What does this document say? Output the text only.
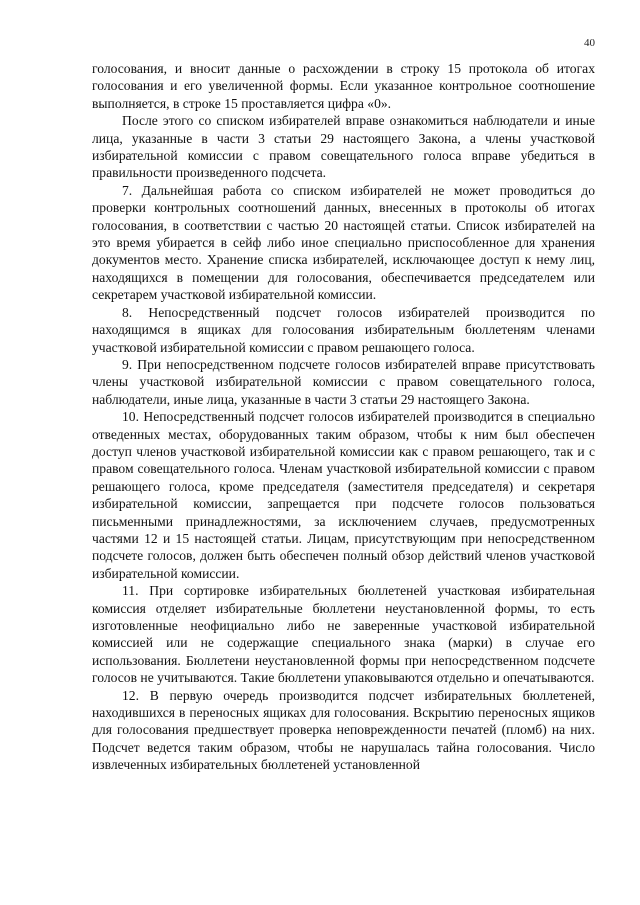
40

голосования, и вносит данные о расхождении в строку 15 протокола об итогах голосования и его увеличенной формы. Если указанное контрольное соотношение выполняется, в строке 15 проставляется цифра «0».

После этого со списком избирателей вправе ознакомиться наблюдатели и иные лица, указанные в части 3 статьи 29 настоящего Закона, а члены участковой избирательной комиссии с правом совещательного голоса вправе убедиться в правильности произведенного подсчета.

7. Дальнейшая работа со списком избирателей не может проводиться до проверки контрольных соотношений данных, внесенных в протоколы об итогах голосования, в соответствии с частью 20 настоящей статьи. Список избирателей на это время убирается в сейф либо иное специально приспособленное для хранения документов место. Хранение списка избирателей, исключающее доступ к нему лиц, находящихся в помещении для голосования, обеспечивается председателем или секретарем участковой избирательной комиссии.

8. Непосредственный подсчет голосов избирателей производится по находящимся в ящиках для голосования избирательным бюллетеням членами участковой избирательной комиссии с правом решающего голоса.

9. При непосредственном подсчете голосов избирателей вправе присутствовать члены участковой избирательной комиссии с правом совещательного голоса, наблюдатели, иные лица, указанные в части 3 статьи 29 настоящего Закона.

10. Непосредственный подсчет голосов избирателей производится в специально отведенных местах, оборудованных таким образом, чтобы к ним был обеспечен доступ членов участковой избирательной комиссии как с правом решающего, так и с правом совещательного голоса. Членам участковой избирательной комиссии с правом решающего голоса, кроме председателя (заместителя председателя) и секретаря избирательной комиссии, запрещается при подсчете голосов пользоваться письменными принадлежностями, за исключением случаев, предусмотренных частями 12 и 15 настоящей статьи. Лицам, присутствующим при непосредственном подсчете голосов, должен быть обеспечен полный обзор действий членов участковой избирательной комиссии.

11. При сортировке избирательных бюллетеней участковая избирательная комиссия отделяет избирательные бюллетени неустановленной формы, то есть изготовленные неофициально либо не заверенные участковой избирательной комиссией или не содержащие специального знака (марки) в случае его использования. Бюллетени неустановленной формы при непосредственном подсчете голосов не учитываются. Такие бюллетени упаковываются отдельно и опечатываются.

12. В первую очередь производится подсчет избирательных бюллетеней, находившихся в переносных ящиках для голосования. Вскрытию переносных ящиков для голосования предшествует проверка неповрежденности печатей (пломб) на них. Подсчет ведется таким образом, чтобы не нарушалась тайна голосования. Число извлеченных избирательных бюллетеней установленной
